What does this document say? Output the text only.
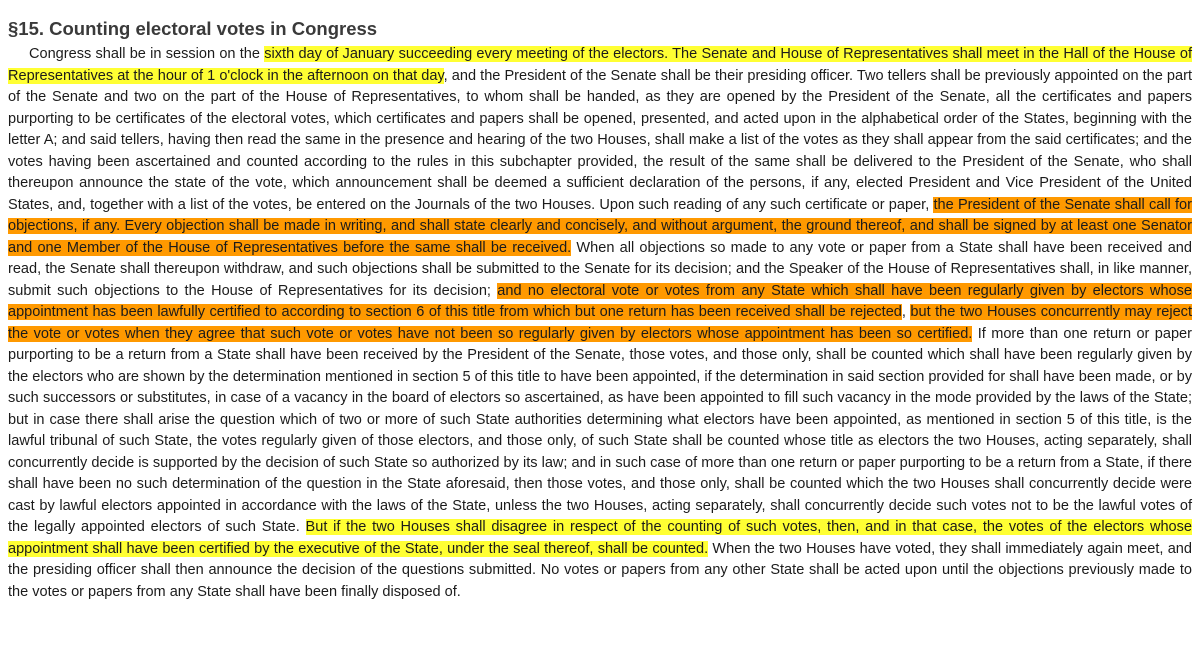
§15. Counting electoral votes in Congress

Congress shall be in session on the sixth day of January succeeding every meeting of the electors. The Senate and House of Representatives shall meet in the Hall of the House of Representatives at the hour of 1 o'clock in the afternoon on that day, and the President of the Senate shall be their presiding officer. Two tellers shall be previously appointed on the part of the Senate and two on the part of the House of Representatives, to whom shall be handed, as they are opened by the President of the Senate, all the certificates and papers purporting to be certificates of the electoral votes, which certificates and papers shall be opened, presented, and acted upon in the alphabetical order of the States, beginning with the letter A; and said tellers, having then read the same in the presence and hearing of the two Houses, shall make a list of the votes as they shall appear from the said certificates; and the votes having been ascertained and counted according to the rules in this subchapter provided, the result of the same shall be delivered to the President of the Senate, who shall thereupon announce the state of the vote, which announcement shall be deemed a sufficient declaration of the persons, if any, elected President and Vice President of the United States, and, together with a list of the votes, be entered on the Journals of the two Houses. Upon such reading of any such certificate or paper, the President of the Senate shall call for objections, if any. Every objection shall be made in writing, and shall state clearly and concisely, and without argument, the ground thereof, and shall be signed by at least one Senator and one Member of the House of Representatives before the same shall be received. When all objections so made to any vote or paper from a State shall have been received and read, the Senate shall thereupon withdraw, and such objections shall be submitted to the Senate for its decision; and the Speaker of the House of Representatives shall, in like manner, submit such objections to the House of Representatives for its decision; and no electoral vote or votes from any State which shall have been regularly given by electors whose appointment has been lawfully certified to according to section 6 of this title from which but one return has been received shall be rejected, but the two Houses concurrently may reject the vote or votes when they agree that such vote or votes have not been so regularly given by electors whose appointment has been so certified. If more than one return or paper purporting to be a return from a State shall have been received by the President of the Senate, those votes, and those only, shall be counted which shall have been regularly given by the electors who are shown by the determination mentioned in section 5 of this title to have been appointed, if the determination in said section provided for shall have been made, or by such successors or substitutes, in case of a vacancy in the board of electors so ascertained, as have been appointed to fill such vacancy in the mode provided by the laws of the State; but in case there shall arise the question which of two or more of such State authorities determining what electors have been appointed, as mentioned in section 5 of this title, is the lawful tribunal of such State, the votes regularly given of those electors, and those only, of such State shall be counted whose title as electors the two Houses, acting separately, shall concurrently decide is supported by the decision of such State so authorized by its law; and in such case of more than one return or paper purporting to be a return from a State, if there shall have been no such determination of the question in the State aforesaid, then those votes, and those only, shall be counted which the two Houses shall concurrently decide were cast by lawful electors appointed in accordance with the laws of the State, unless the two Houses, acting separately, shall concurrently decide such votes not to be the lawful votes of the legally appointed electors of such State. But if the two Houses shall disagree in respect of the counting of such votes, then, and in that case, the votes of the electors whose appointment shall have been certified by the executive of the State, under the seal thereof, shall be counted. When the two Houses have voted, they shall immediately again meet, and the presiding officer shall then announce the decision of the questions submitted. No votes or papers from any other State shall be acted upon until the objections previously made to the votes or papers from any State shall have been finally disposed of.
